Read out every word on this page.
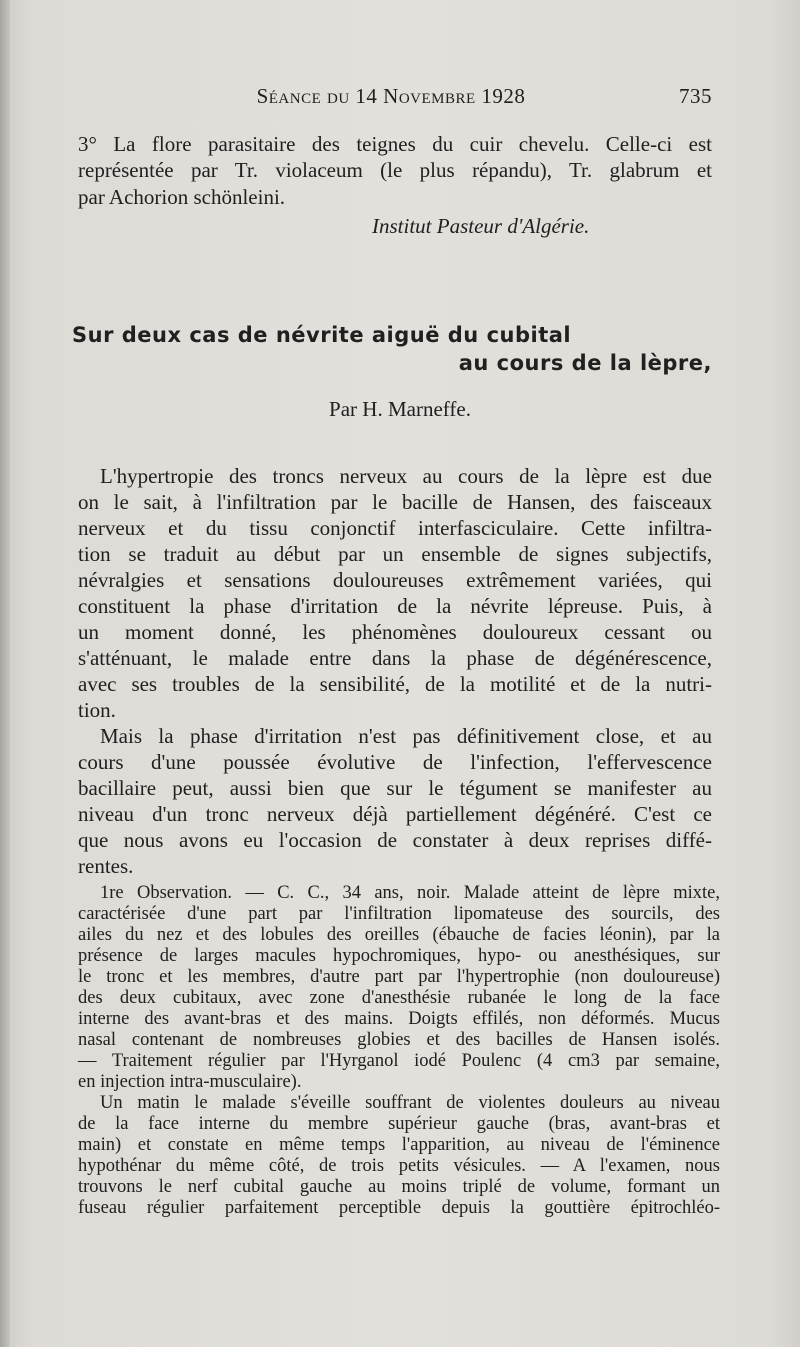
Séance du 14 Novembre 1928	735
3° La flore parasitaire des teignes du cuir chevelu. Celle-ci est
représentée par Tr. violaceum (le plus répandu), Tr. glabrum et
par Achorion schönleini.
Institut Pasteur d'Algérie.
Sur deux cas de névrite aiguë du cubital
au cours de la lèpre,
Par H. Marneffe.
L'hypertropie des troncs nerveux au cours de la lèpre est due
on le sait, à l'infiltration par le bacille de Hansen, des faisceaux
nerveux et du tissu conjonctif interfasciculaire. Cette infiltra-
tion se traduit au début par un ensemble de signes subjectifs,
névralgies et sensations douloureuses extrêmement variées, qui
constituent la phase d'irritation de la névrite lépreuse. Puis, à
un moment donné, les phénomènes douloureux cessant ou
s'atténuant, le malade entre dans la phase de dégénérescence,
avec ses troubles de la sensibilité, de la motilité et de la nutri-
tion.
Mais la phase d'irritation n'est pas définitivement close, et au
cours d'une poussée évolutive de l'infection, l'effervescence
bacillaire peut, aussi bien que sur le tégument se manifester au
niveau d'un tronc nerveux déjà partiellement dégénéré. C'est ce
que nous avons eu l'occasion de constater à deux reprises diffé-
rentes.
1re Observation. — C. C., 34 ans, noir. Malade atteint de lèpre mixte,
caractérisée d'une part par l'infiltration lipomateuse des sourcils, des
ailes du nez et des lobules des oreilles (ébauche de facies léonin), par la
présence de larges macules hypochromiques, hypo- ou anesthésiques, sur
le tronc et les membres, d'autre part par l'hypertrophie (non douloureuse)
des deux cubitaux, avec zone d'anesthésie rubanée le long de la face
interne des avant-bras et des mains. Doigts effilés, non déformés. Mucus
nasal contenant de nombreuses globies et des bacilles de Hansen isolés.
— Traitement régulier par l'Hyrganol iodé Poulenc (4 cm3 par semaine,
en injection intra-musculaire).
Un matin le malade s'éveille souffrant de violentes douleurs au niveau
de la face interne du membre supérieur gauche (bras, avant-bras et
main) et constate en même temps l'apparition, au niveau de l'éminence
hypothénar du même côté, de trois petits vésicules. — A l'examen, nous
trouvons le nerf cubital gauche au moins triplé de volume, formant un
fuseau régulier parfaitement perceptible depuis la gouttière épitrochléo-
